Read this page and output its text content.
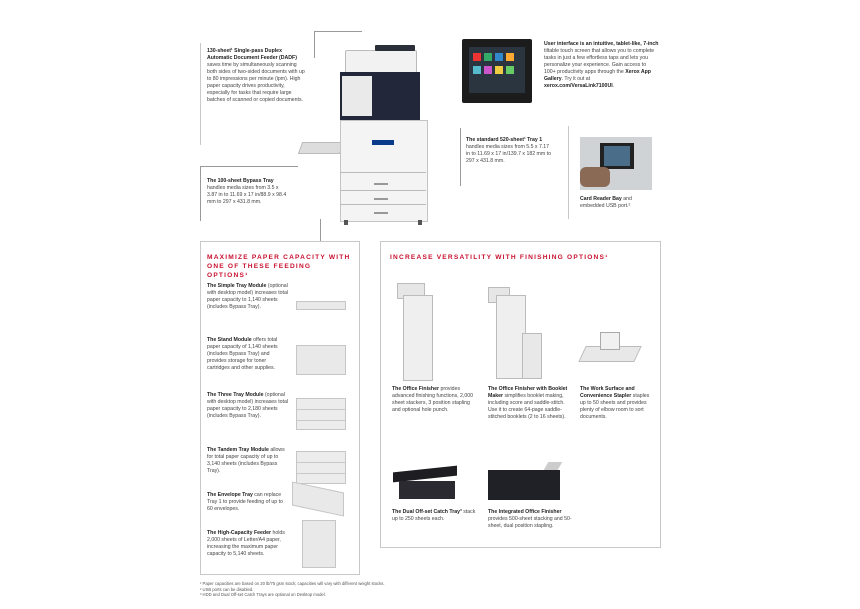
130-sheet¹ Single-pass Duplex Automatic Document Feeder (DADF) saves time by simultaneously scanning both sides of two-sided documents with up to 80 impressions per minute (ipm). High paper capacity drives productivity, especially for tasks that require large batches of scanned or copied documents.
The 100-sheet Bypass Tray handles media sizes from 3.5 x 3.87 in to 11.69 x 17 in/88.9 x 98.4 mm to 297 x 431.8 mm.
User interface is an intuitive, tablet-like, 7-inch tiltable touch screen that allows you to complete tasks in just a few effortless taps and lets you personalize your experience. Gain access to 100+ productivity apps through the Xerox App Gallery. Try it out at xerox.com/VersaLink7100UI.
The standard 520-sheet¹ Tray 1 handles media sizes from 5.5 x 7.17 in to 11.69 x 17 in/139.7 x 182 mm to 297 x 431.8 mm.
Card Reader Bay and embedded USB port.²
MAXIMIZE PAPER CAPACITY WITH ONE OF THESE FEEDING OPTIONS¹
The Simple Tray Module (optional with desktop model) increases total paper capacity to 1,140 sheets (includes Bypass Tray).
The Stand Module offers total paper capacity of 1,140 sheets (includes Bypass Tray) and provides storage for toner cartridges and other supplies.
The Three Tray Module (optional with desktop model) increases total paper capacity to 2,180 sheets (includes Bypass Tray).
The Tandem Tray Module allows for total paper capacity of up to 3,140 sheets (includes Bypass Tray).
The Envelope Tray can replace Tray 1 to provide feeding of up to 60 envelopes.
The High-Capacity Feeder holds 2,000 sheets of Letter/A4 paper, increasing the maximum paper capacity to 5,140 sheets.
INCREASE VERSATILITY WITH FINISHING OPTIONS¹
The Office Finisher provides advanced finishing functions, 2,000 sheet stackers, 3 position stapling and optional hole punch.
The Office Finisher with Booklet Maker simplifies booklet making, including score and saddle-stitch. Use it to create 64-page saddle-stitched booklets (2 to 16 sheets).
The Work Surface and Convenience Stapler staples up to 50 sheets and provides plenty of elbow room to sort documents.
The Dual Off-set Catch Tray³ stack up to 250 sheets each.
The Integrated Office Finisher provides 500-sheet stacking and 50-sheet, dual position stapling.
¹ Paper capacities are based on 20 lb/75 gsm stock; capacities will vary with different weight stocks.
² USB ports can be disabled.
³ HDD and Dual Off-set Catch Trays are optional on Desktop model.
